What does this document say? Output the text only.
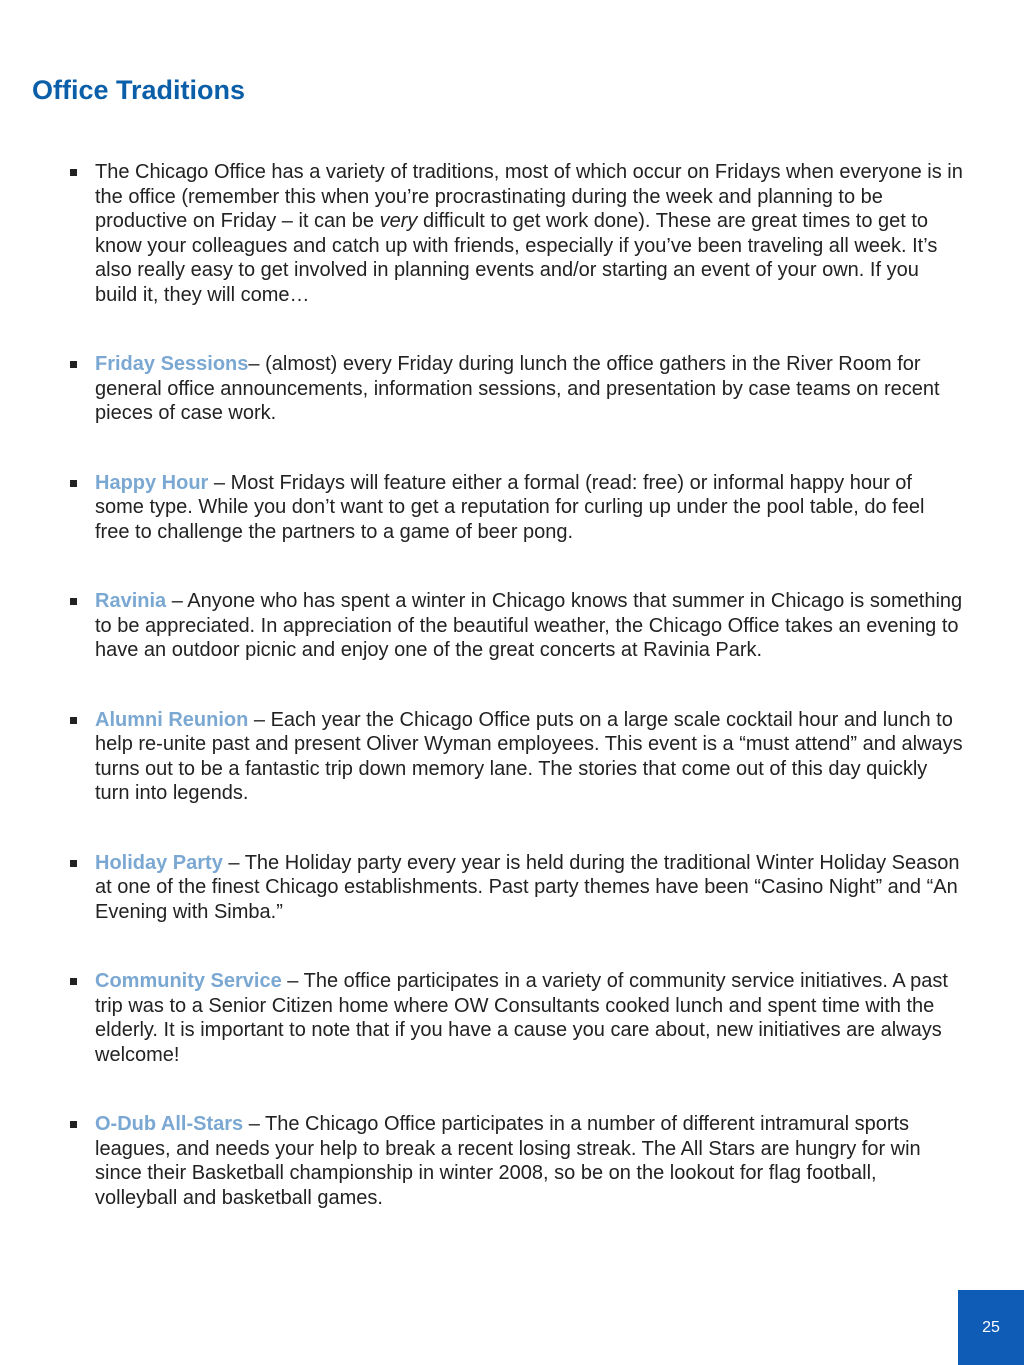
Office Traditions
The Chicago Office has a variety of traditions, most of which occur on Fridays when everyone is in the office (remember this when you’re procrastinating during the week and planning to be productive on Friday – it can be very difficult to get work done). These are great times to get to know your colleagues and catch up with friends, especially if you’ve been traveling all week. It’s also really easy to get involved in planning events and/or starting an event of your own. If you build it, they will come…
Friday Sessions– (almost) every Friday during lunch the office gathers in the River Room for general office announcements, information sessions, and presentation by case teams on recent pieces of case work.
Happy Hour – Most Fridays will feature either a formal (read: free) or informal happy hour of some type. While you don’t want to get a reputation for curling up under the pool table, do feel free to challenge the partners to a game of beer pong.
Ravinia – Anyone who has spent a winter in Chicago knows that summer in Chicago is something to be appreciated. In appreciation of the beautiful weather, the Chicago Office takes an evening to have an outdoor picnic and enjoy one of the great concerts at Ravinia Park.
Alumni Reunion – Each year the Chicago Office puts on a large scale cocktail hour and lunch to help re-unite past and present Oliver Wyman employees. This event is a “must attend” and always turns out to be a fantastic trip down memory lane. The stories that come out of this day quickly turn into legends.
Holiday Party – The Holiday party every year is held during the traditional Winter Holiday Season at one of the finest Chicago establishments. Past party themes have been “Casino Night” and “An Evening with Simba.”
Community Service – The office participates in a variety of community service initiatives. A past trip was to a Senior Citizen home where OW Consultants cooked lunch and spent time with the elderly. It is important to note that if you have a cause you care about, new initiatives are always welcome!
O-Dub All-Stars – The Chicago Office participates in a number of different intramural sports leagues, and needs your help to break a recent losing streak. The All Stars are hungry for win since their Basketball championship in winter 2008, so be on the lookout for flag football, volleyball and basketball games.
25
